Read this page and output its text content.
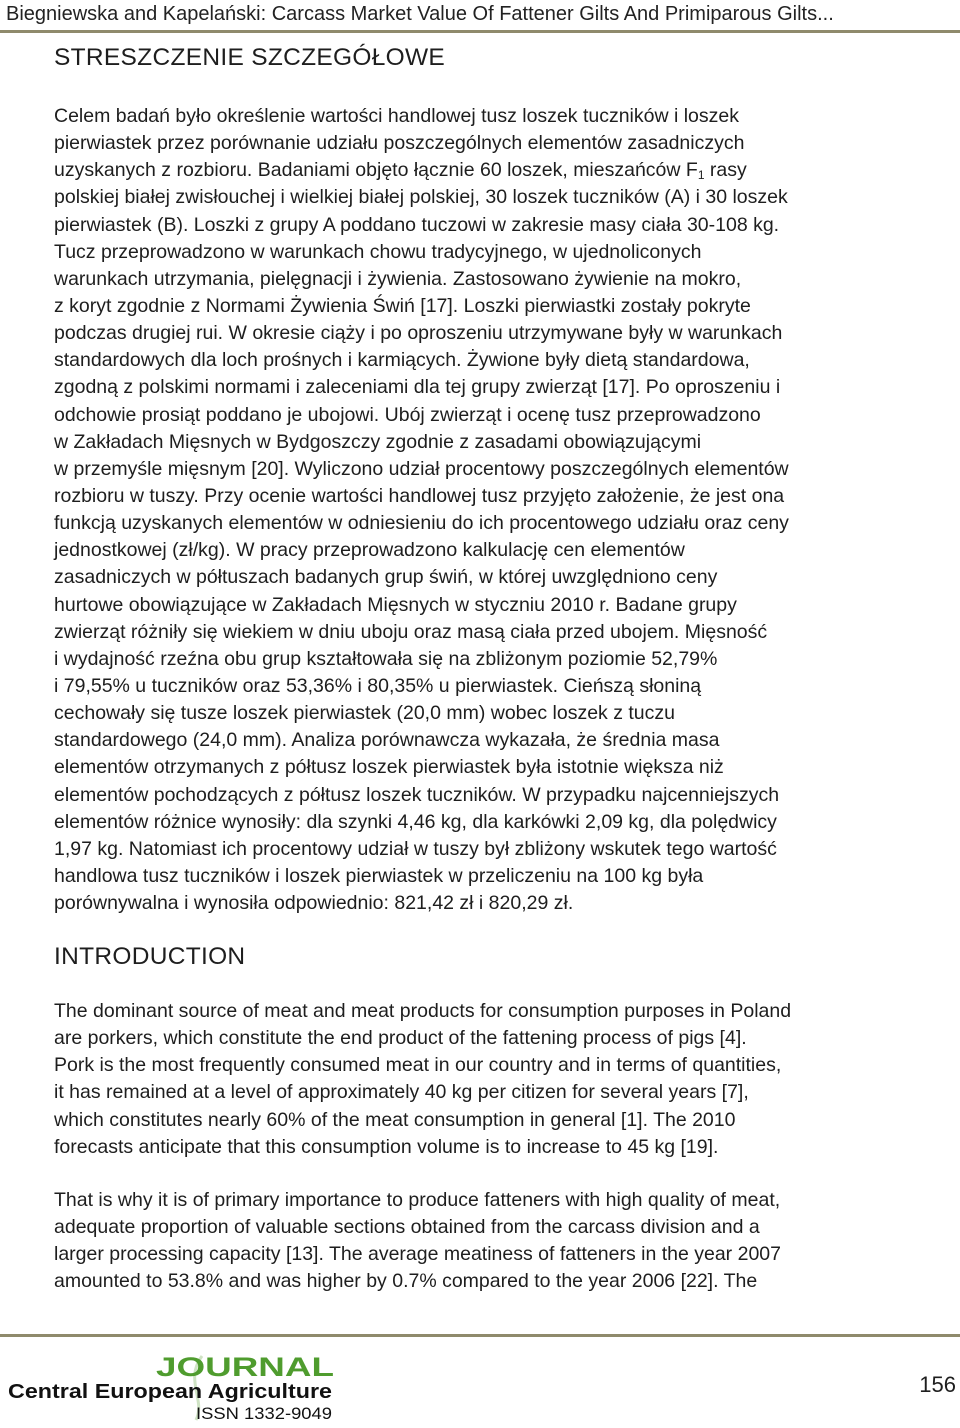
Biegniewska and Kapelański: Carcass Market Value Of Fattener Gilts And Primiparous Gilts...
STRESZCZENIE SZCZEGÓŁOWE
Celem badań było określenie wartości handlowej tusz loszek tuczników i loszek
pierwiastek przez porównanie udziału poszczególnych elementów zasadniczych
uzyskanych z rozbioru. Badaniami objęto łącznie 60 loszek, mieszańców $F_1$ rasy
polskiej białej zwisłouchej i wielkiej białej polskiej, 30 loszek tuczników (A) i 30 loszek
pierwiastek (B). Loszki z grupy A poddano tuczowi w zakresie masy ciała 30-108 kg.
Tucz przeprowadzono w warunkach chowu tradycyjnego, w ujednoliconych
warunkach utrzymania, pielęgnacji i żywienia. Zastosowano żywienie na mokro,
z koryt zgodnie z Normami Żywienia Świń [17]. Loszki pierwiastki zostały pokryte
podczas drugiej rui. W okresie ciąży i po oproszeniu utrzymywane były w warunkach
standardowych dla loch prośnych i karmiących. Żywione były dietą standardowa,
zgodną z polskimi normami i zaleceniami dla tej grupy zwierząt [17]. Po oproszeniu i
odchowie prosiąt poddano je ubojowi. Ubój zwierząt i ocenę tusz przeprowadzono
w Zakładach Mięsnych w Bydgoszczy zgodnie z zasadami obowiązującymi
w przemyśle mięsnym [20]. Wyliczono udział procentowy poszczególnych elementów
rozbioru w tuszy. Przy ocenie wartości handlowej tusz przyjęto założenie, że jest ona
funkcją uzyskanych elementów w odniesieniu do ich procentowego udziału oraz ceny
jednostkowej (zł/kg). W pracy przeprowadzono kalkulację cen elementów
zasadniczych w półtuszach badanych grup świń, w której uwzględniono ceny
hurtowe obowiązujące w Zakładach Mięsnych w styczniu 2010 r. Badane grupy
zwierząt różniły się wiekiem w dniu uboju oraz masą ciała przed ubojem. Mięsność
i wydajność rzeźna obu grup kształtowała się na zbliżonym poziomie 52,79%
i 79,55% u tuczników oraz 53,36% i 80,35% u pierwiastek. Cieńszą słoniną
cechowały się tusze loszek pierwiastek (20,0 mm) wobec loszek z tuczu
standardowego (24,0 mm). Analiza porównawcza wykazała, że średnia masa
elementów otrzymanych z półtusz loszek pierwiastek była istotnie większa niż
elementów pochodzących z półtusz loszek tuczników. W przypadku najcenniejszych
elementów różnice wynosiły: dla szynki 4,46 kg, dla karkówki 2,09 kg, dla polędwicy
1,97 kg. Natomiast ich procentowy udział w tuszy był zbliżony wskutek tego wartość
handlowa tusz tuczników i loszek pierwiastek w przeliczeniu na 100 kg była
porównywalna i wynosiła odpowiednio: 821,42 zł i 820,29 zł.
INTRODUCTION
The dominant source of meat and meat products for consumption purposes in Poland
are porkers, which constitute the end product of the fattening process of pigs [4].
Pork is the most frequently consumed meat in our country and in terms of quantities,
it has remained at a level of approximately 40 kg per citizen for several years [7],
which constitutes nearly 60% of the meat consumption in general [1]. The 2010
forecasts anticipate that this consumption volume is to increase to 45 kg [19].
That is why it is of primary importance to produce fatteners with high quality of meat,
adequate proportion of valuable sections obtained from the carcass division and a
larger processing capacity [13]. The average meatiness of fatteners in the year 2007
amounted to 53.8% and was higher by 0.7% compared to the year 2006 [22]. The
JOURNAL
Central European Agriculture
ISSN 1332-9049
156
